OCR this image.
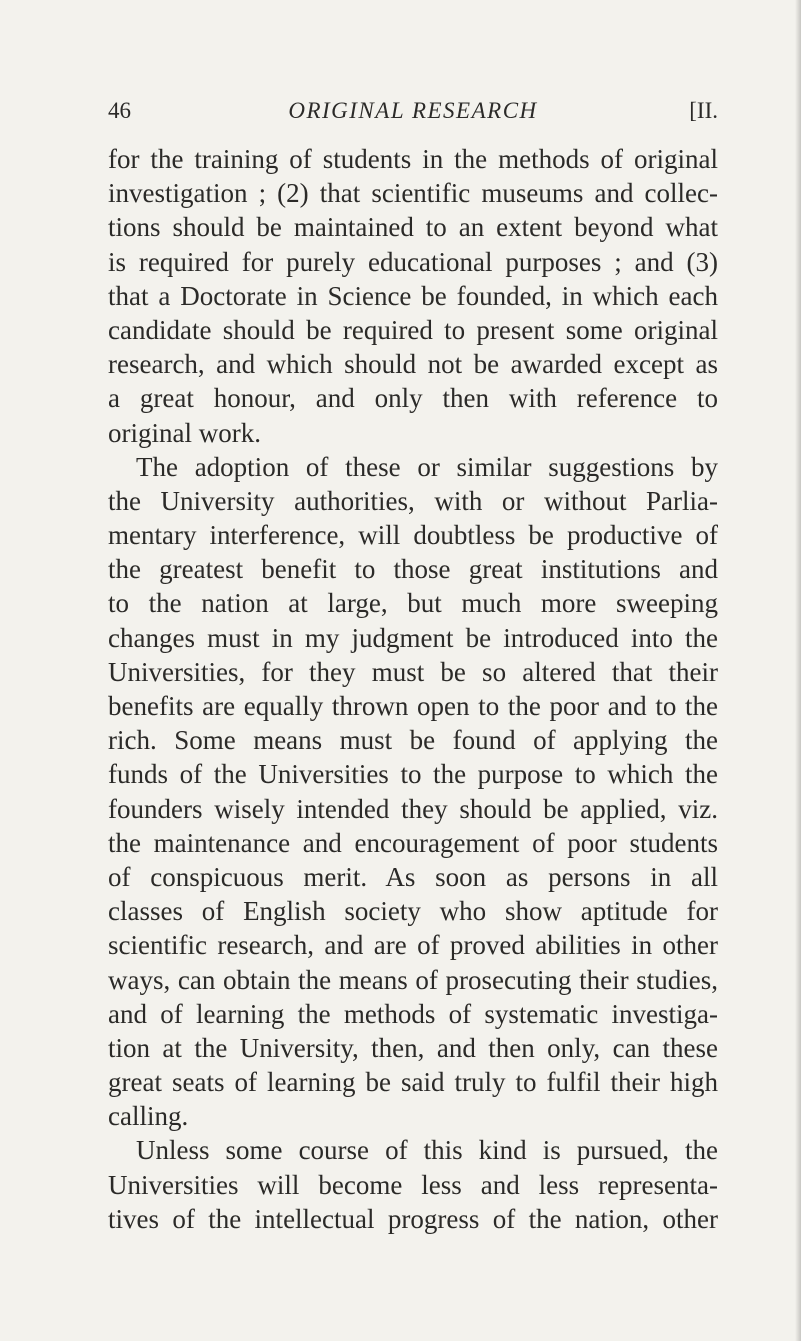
46	ORIGINAL RESEARCH	[II.
for the training of students in the methods of original
investigation ; (2) that scientific museums and collec-
tions should be maintained to an extent beyond what
is required for purely educational purposes ; and (3)
that a Doctorate in Science be founded, in which each
candidate should be required to present some original
research, and which should not be awarded except as
a great honour, and only then with reference to
original work.
The adoption of these or similar suggestions by
the University authorities, with or without Parlia-
mentary interference, will doubtless be productive of
the greatest benefit to those great institutions and
to the nation at large, but much more sweeping
changes must in my judgment be introduced into the
Universities, for they must be so altered that their
benefits are equally thrown open to the poor and to the
rich. Some means must be found of applying the
funds of the Universities to the purpose to which the
founders wisely intended they should be applied, viz.
the maintenance and encouragement of poor students
of conspicuous merit. As soon as persons in all
classes of English society who show aptitude for
scientific research, and are of proved abilities in other
ways, can obtain the means of prosecuting their studies,
and of learning the methods of systematic investiga-
tion at the University, then, and then only, can these
great seats of learning be said truly to fulfil their high
calling.
Unless some course of this kind is pursued, the
Universities will become less and less representa-
tives of the intellectual progress of the nation, other
